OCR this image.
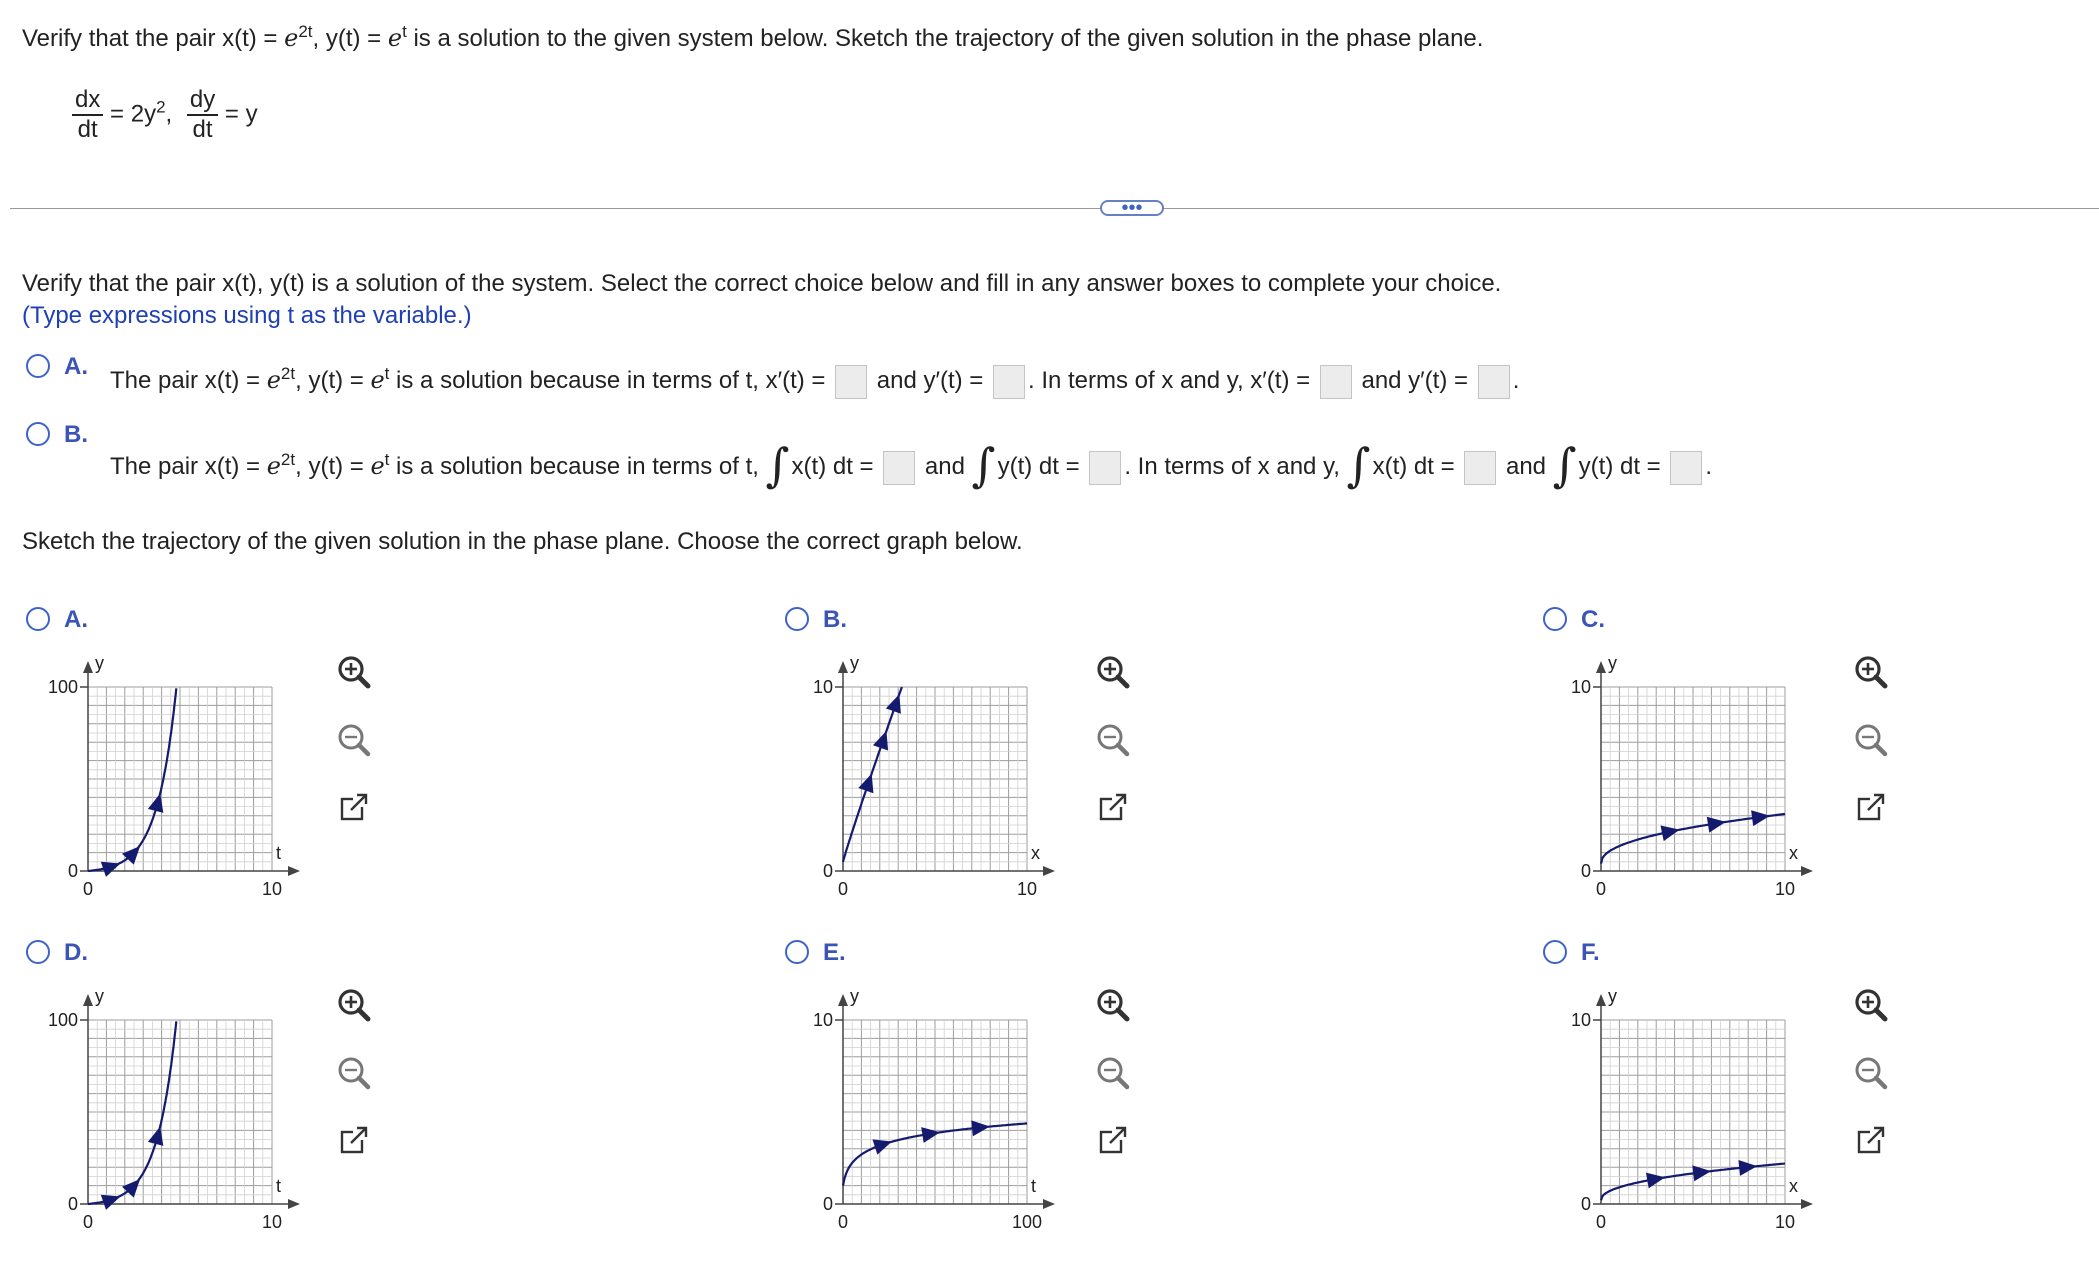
Verify that the pair $x(t) = e^{2t}$, $y(t) = e^t$ is a solution to the given system below. Sketch the trajectory of the given solution in the phase plane.
$\frac{dx}{dt} = 2y^2$, $\frac{dy}{dt} = y$
•••
Verify that the pair x(t), y(t) is a solution of the system. Select the correct choice below and fill in any answer boxes to complete your choice.
(Type expressions using t as the variable.)
A.
The pair $x(t) = e^{2t}$, $y(t) = e^t$ is a solution because in terms of t, x′(t) = and y′(t) = . In terms of x and y, x′(t) = and y′(t) = .
B.
The pair $x(t) = e^{2t}$, $y(t) = e^t$ is a solution because in terms of t, ∫x(t) dt = and ∫y(t) dt = . In terms of x and y, ∫x(t) dt = and ∫y(t) dt = .
Sketch the trajectory of the given solution in the phase plane. Choose the correct graph below.
A.	B.	C.
D.	E.	F.
y
t
100
0
0	10
y
x
10
0
0	10
y
x
10
0
0	10
y
t
100
0
0	10
y
t
10
0
0	100
y
x
10
0
0	10
